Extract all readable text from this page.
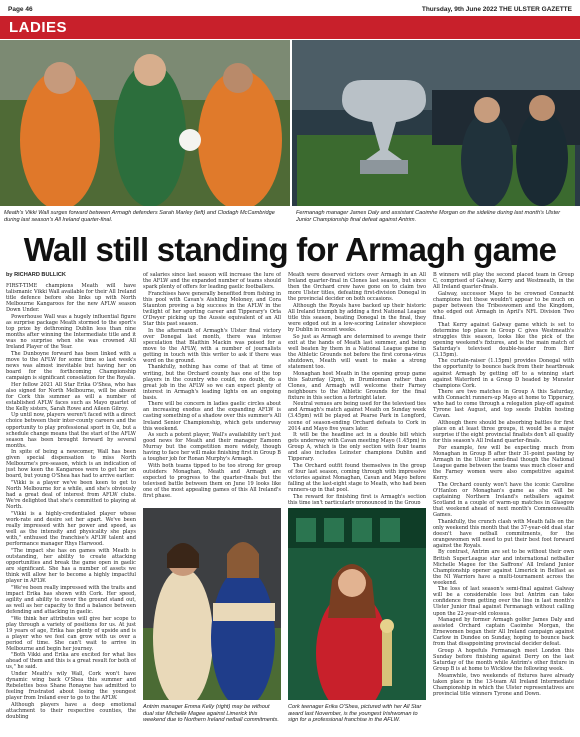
Page 46	Thursday, 9th June 2022 THE ULSTER GAZETTE
LADIES
Meath's Vikki Wall surges forward between Armagh defenders Sarah Marley (left) and Clodagh McCambridge during last season's All Ireland quarter-final.
Fermanagh manager James Daly and assistant Caoimhe Morgan on the sideline during last month's Ulster Junior Championship final defeat against Antrim.
Wall still standing for Armagh game
by RICHARD BULLICK

FIRST-TIME champions Meath will have talismanic Vikki Wall available for their All Ireland title defence before she links up with North Melbourne Kangaroos for the new AFLW season Down Under.

Powerhouse Wall was a hugely influential figure as surprise package Meath stormed to the sport's top prize by dethroning Dublin less than nine months after winning the Intermediate title and it was no surprise when she was crowned All Ireland Player of the Year.

The Dunboyne forward has been linked with a move to the AFLW for some time so last week's news was almost inevitable but having her on board for the forthcoming Championship campaign is significant consolation for the Royals.

Her fellow 2021 All Star Erika O'Shea, who has also signed for North Melbourne, will be absent for Cork this summer as will a number of established AFLW faces such as Mayo quartet of the Kelly sisters, Sarah Rowe and Aileen Gilroy.

Up until now, players weren't faced with a direct choice between their inter-county careers and the opportunity to play professional sport in Oz, but a schedule change means that the start of the AFLW season has been brought forward by several months.

In spite of being a newcomer, Wall has been given special dispensation to miss North Melbourne's pre-season, which is an indication of just how keen the Kangaroos were to get her on board, but young O'Shea has had to arrive earlier.

"Vikki is a player we've been keen to get to North Melbourne for a while, and she's obviously had a great deal of interest from AFLW clubs. We're delighted that she's committed to playing at North.

"Vikki is a highly-credentialed player whose work-rate and desire set her apart. We've been really impressed with her power and speed, as well as the intensity and physicality she plays with," enthused the franchise's AFLW talent and performance manager Rhys Harwood.

"The impact she has on games with Meath is outstanding, her ability to create attacking opportunities and break the game open in gaelic are significant. She has a number of assets we think will allow her to become a highly impactful player in AFLW.

"We've been really impressed with the traits and impact Erika has shown with Cork. Her speed, agility and ability to cover the ground stand out, as well as her capacity to find a balance between defending and attacking in gaelic.

"We think her attributes will give her scope to play through a variety of positions for us. At just 19 years of age, Erika has plenty of upside and is a player who we feel can grow with us over a period of time. She can't wait to arrive in Melbourne and begin her journey.

"Both Vikki and Erika are excited for what lies ahead of them and this is a great result for both of us," he said.

Under Meath's wily Wall, Cork won't have dynamic wing back O'Shea this summer and Rebelettes boss Shane Ronayne has admitted to feeling frustrated about losing the youngest player from Ireland ever to go to the AFLW.

Although players have a deep emotional attachment to their respective counties, the doubling

of salaries since last season will increase the lure of the AFLW and the expanded number of teams should spark plenty of offers for leading gaelic footballers.

Franchises have generally benefited from fishing in this pool with Cavan's Aishling Moloney, and Cora Staunton proving a big success in the AFLW in the twilight of her sporting career and Tipperary's Orla O'Dwyer picking up the Aussie equivalent of an All Star this past season.

In the aftermath of Armagh's Ulster final victory over Donegal last month, there was intense speculation that Blaithin Mackin was poised for a move to the AFLW, with a number of journalists getting in touch with this writer to ask if there was word on the ground.

Thankfully, nothing has come of that at time of writing, but the Orchard county has one of the top players in the country who could, no doubt, do a great job in the AFLW so we can expect plenty of interest in Armagh's leading lights on an ongoing basis.

There will be concern in ladies gaelic circles about an increasing exodus and the expanding AFLW is casting something of a shadow over this summer's All Ireland Senior Championship, which gets underway this weekend.

As such a potent player, Wall's availability isn't just good news for Meath and their manager Eamonn Murray but the competition more widely, though having to face her will make finishing first in Group B a tougher job for Ronan Murphy's Armagh.

With both teams tipped to be too strong for group outsiders Monaghan, Meath and Armagh are expected to progress to the quarter-finals but the televised battle between them on June 19 looks like one of the most appealing games of this All Ireland's first phase.

Meath were deserved victors over Armagh in an All Ireland quarter-final in Clones last season, but since then the Orchard crew have gone on to claim two more Ulster titles, defeating first-division Donegal in the provincial decider on both occasions.

Although the Royals have backed up their historic All Ireland triumph by adding a first National League title this season, beating Donegal in the final, they were edged out in a low-scoring Leinster showpiece by Dublin in recent weeks.

So just as Armagh are determined to avenge their exit at the hands of Meath last summer, and being well beaten by them in a National League game in the Athletic Grounds not before the first corona-virus shutdown, Meath will want to make a strong statement too.

Monaghan host Meath in the opening group game this Saturday (2pm), in Drumlonnan rather than Clones, and Armagh will welcome their Farney neighbours to the Athletic Grounds for the final fixture in this section a fortnight later.

Neutral venues are being used for the televised ties and Armagh's match against Meath on Sunday week (3.45pm) will be played at Pearse Park in Longford, scene of season-ending Orchard defeats to Cork in 2014 and Mayo five years later.

It will be the headline act in a double bill which gets underway with Cavan meeting Mayo (1.45pm) in Group A, which is the only section with four teams and also includes Leinster champions Dublin and Tipperary.

The Orchard outfit found themselves in the group of four last season, coming through with impressive victories against Monaghan, Cavan and Mayo before falling at the last-eight stage to Meath, who had been runners-up in that pool.

The reward for finishing first is Armagh's section this time isn't particularly pronounced in the Group

B winners will play the second placed team in Group C, comprised of Galway, Kerry and Westmeath, in the All Ireland quarter-finals.

Galway, successor Mayo to be crowned Connacht champions but these wouldn't appear to be much on paper between the Tribeswomen and the Kingdom, who edged out Armagh in April's NFL Division Two final.

That Kerry against Galway game which is set to determine top place in Group C gives Westmeath's struggles this season, looks like the pick of the opening weekend's fixtures, and is the main match of Saturday's televised double-header from Birr (3.15pm).

The curtain-raiser (1.15pm) provides Donegal with the opportunity to bounce back from their heartbreak against Armagh by getting off to a winning start against Waterford in a Group D headed by Munster champions Cork.

There are two matches in Group A this Saturday, with Connacht runners-up Mayo at home to Tipperary, who had to come through a relegation play-off against Tyrone last August, and top seeds Dublin hosting Cavan.

Although there should be absorbing battles for first place on at least three groups, it would be a major surprise if the eight provincial finalists don't all qualify for this season's All Ireland quarter-finals.

For example, few will be expecting much from Monaghan in Group B after their 31-point pasting by Armagh in the Ulster semi-final though the National League game between the teams was much closer and the Farney women were also competitive against Kerry.

The Orchard county won't have the iconic Caroline O'Hanlon or Monaghan's game as she will be captaining Northern Ireland's netballers against Scotland in a couple of warm-up matches in Glasgow that weekend ahead of next month's Commonwealth Games.

Thankfully, the crunch clash with Meath falls on the only weekend this month that the 37-year-old dual star doesn't have netball commitments, for the orangewomen will need to put their best foot forward against the Royals.

By contrast, Antrim are set to be without their own British SuperLeague star and international netballer Michelle Magee for the Saffrons' All Ireland Junior Championship opener against Limerick in Belfast as the NI Warriors have a multi-tournament across the weekend.

The loss of last season's semi-final against Galway will be a considerable loss but Antrim can take confidence from getting over the line in last month's Ulster Junior final against Fermanagh without calling upon the 22-year-old colossus.

Managed by former Armagh golfer James Daly and assisted Orchard captain Caoimhe Morgan, the Ernewomen began their All Ireland campaign against Carlow in Dundee on Sunday, hoping to bounce back from that disappointing provincial decider defeat.

Group A hopefuls Fermanagh meet London this Sunday before finishing against Derry on the last Saturday of the month while Antrim's other fixture in Group B is at home to Wicklow the following week.

Meanwhile, two weekends of fixtures have already taken place in the 13-team All Ireland Intermediate Championship in which the Ulster representatives are provincial title winners Tyrone and Down.

Antrim manager Emma Kelly (right) may be without dual star Michelle Magee against Limerick this weekend due to Northern Ireland netball commitments.
Cork teenager Erika O'Shea, pictured with her All Star award last November, is the youngest Irishwoman to sign for a professional franchise in the AFLW.
